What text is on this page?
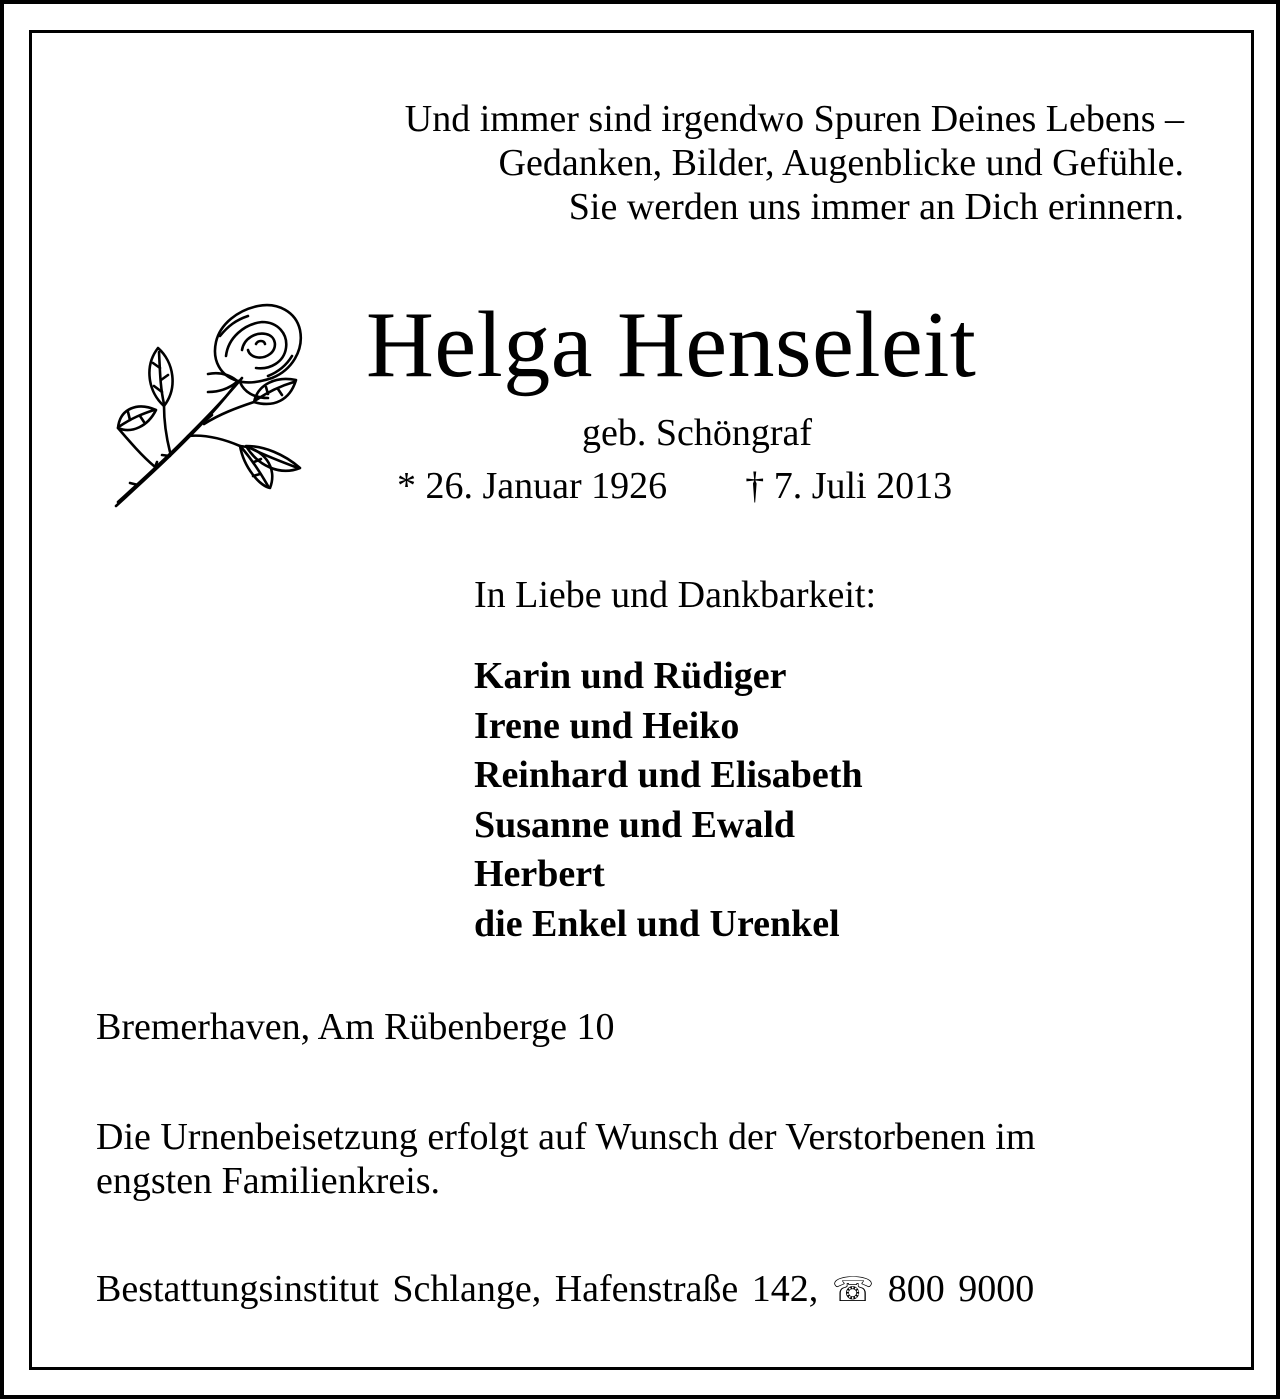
Und immer sind irgendwo Spuren Deines Lebens –
Gedanken, Bilder, Augenblicke und Gefühle.
Sie werden uns immer an Dich erinnern.
Helga Henseleit
geb. Schöngraf
* 26. Januar 1926 † 7. Juli 2013
In Liebe und Dankbarkeit:
Karin und Rüdiger
Irene und Heiko
Reinhard und Elisabeth
Susanne und Ewald
Herbert
die Enkel und Urenkel
Bremerhaven, Am Rübenberge 10
Die Urnenbeisetzung erfolgt auf Wunsch der Verstorbenen im
engsten Familienkreis.
Bestattungsinstitut Schlange, Hafenstraße 142, ☏ 800 9000
